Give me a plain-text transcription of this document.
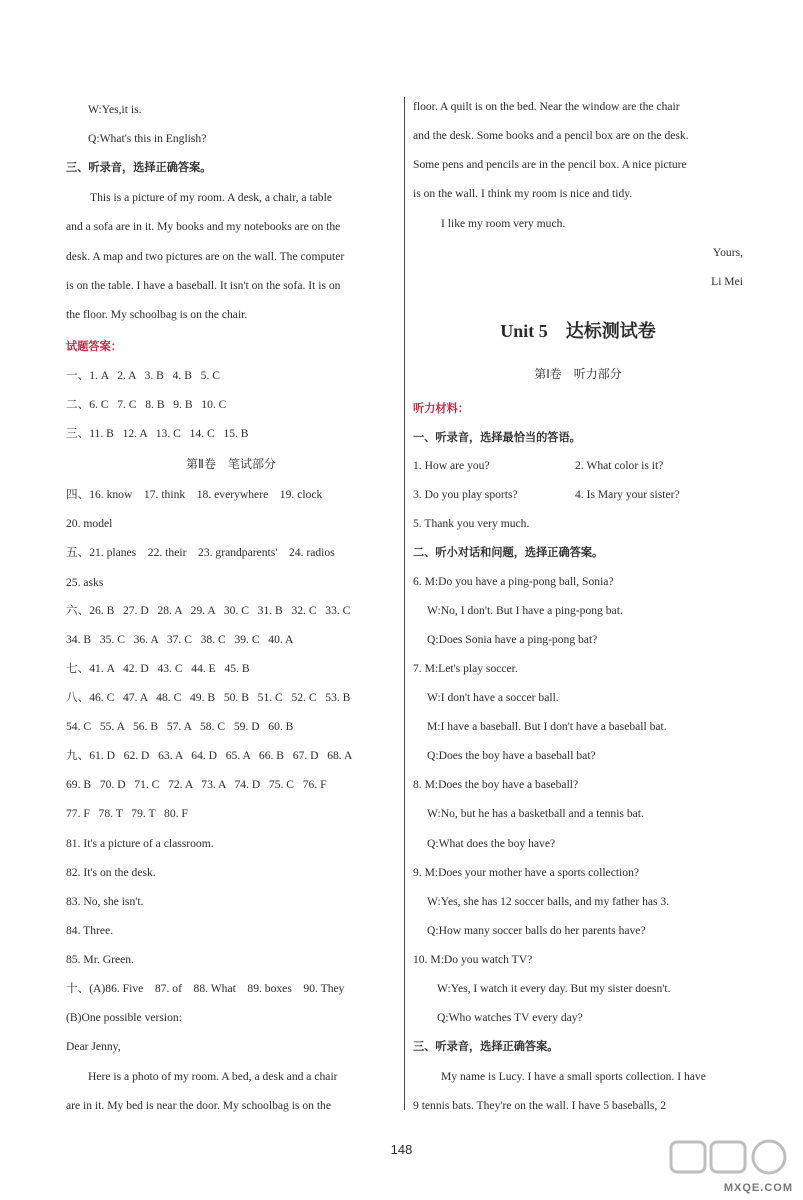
W:Yes,it is.
Q:What's this in English?
三、听录音，选择正确答案。
This is a picture of my room. A desk, a chair, a table
and a sofa are in it. My books and my notebooks are on the
desk. A map and two pictures are on the wall. The computer
is on the table. I have a baseball. It isn't on the sofa. It is on
the floor. My schoolbag is on the chair.
试题答案：
一、1. A   2. A   3. B   4. B   5. C
二、6. C   7. C   8. B   9. B   10. C
三、11. B   12. A   13. C   14. C   15. B
四、16. know    17. think    18. everywhere    19. clock
20. model
五、21. planes    22. their    23. grandparents'    24. radios
25. asks
六、26. B   27. D   28. A   29. A   30. C   31. B   32. C   33. C
34. B   35. C   36. A   37. C   38. C   39. C   40. A
七、41. A   42. D   43. C   44. E   45. B
八、46. C   47. A   48. C   49. B   50. B   51. C   52. C   53. B
54. C   55. A   56. B   57. A   58. C   59. D   60. B
九、61. D   62. D   63. A   64. D   65. A   66. B   67. D   68. A
69. B   70. D   71. C   72. A   73. A   74. D   75. C   76. F
77. F   78. T   79. T   80. F
81. It's a picture of a classroom.
82. It's on the desk.
83. No, she isn't.
84. Three.
85. Mr. Green.
十、(A)86. Five    87. of    88. What    89. boxes    90. They
(B)One possible version:
Dear Jenny,
Here is a photo of my room. A bed, a desk and a chair
are in it. My bed is near the door. My schoolbag is on the
Yours,
Li Mei
Unit 5　达标测试卷
第Ⅰ卷　听力部分
floor. A quilt is on the bed. Near the window are the chair
and the desk. Some books and a pencil box are on the desk.
Some pens and pencils are in the pencil box. A nice picture
is on the wall. I think my room is nice and tidy.
I like my room very much.
听力材料：
一、听录音，选择最恰当的答语。
1. How are you?	2. What color is it?
3. Do you play sports?	4. Is Mary your sister?
5. Thank you very much.
二、听小对话和问题，选择正确答案。
6. M:Do you have a ping-pong ball, Sonia?
W:No, I don't. But I have a ping-pong bat.
Q:Does Sonia have a ping-pong bat?
7. M:Let's play soccer.
W:I don't have a soccer ball.
M:I have a baseball. But I don't have a baseball bat.
Q:Does the boy have a baseball bat?
8. M:Does the boy have a baseball?
W:No, but he has a basketball and a tennis bat.
Q:What does the boy have?
9. M:Does your mother have a sports collection?
W:Yes, she has 12 soccer balls, and my father has 3.
Q:How many soccer balls do her parents have?
10. M:Do you watch TV?
W:Yes, I watch it every day. But my sister doesn't.
Q:Who watches TV every day?
三、听录音，选择正确答案。
My name is Lucy. I have a small sports collection. I have
9 tennis bats. They're on the wall. I have 5 baseballs, 2
第Ⅱ卷　笔试部分
148
MXQE.COM
